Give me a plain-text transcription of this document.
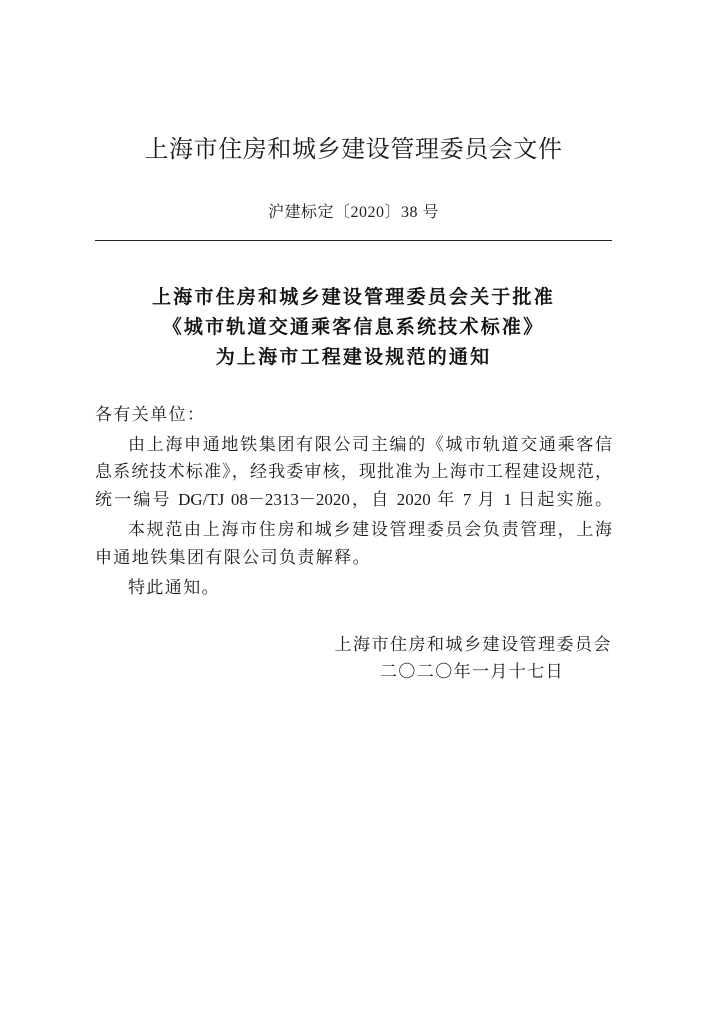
上海市住房和城乡建设管理委员会文件
沪建标定〔2020〕38 号
上海市住房和城乡建设管理委员会关于批准
《城市轨道交通乘客信息系统技术标准》
为上海市工程建设规范的通知
各有关单位：
由上海申通地铁集团有限公司主编的《城市轨道交通乘客信
息系统技术标准》，经我委审核，现批准为上海市工程建设规范，
统一编号 DG/TJ 08－2313－2020，自 2020 年 7 月 1 日起实施。
本规范由上海市住房和城乡建设管理委员会负责管理，上海
申通地铁集团有限公司负责解释。
特此通知。
上海市住房和城乡建设管理委员会
二〇二〇年一月十七日
